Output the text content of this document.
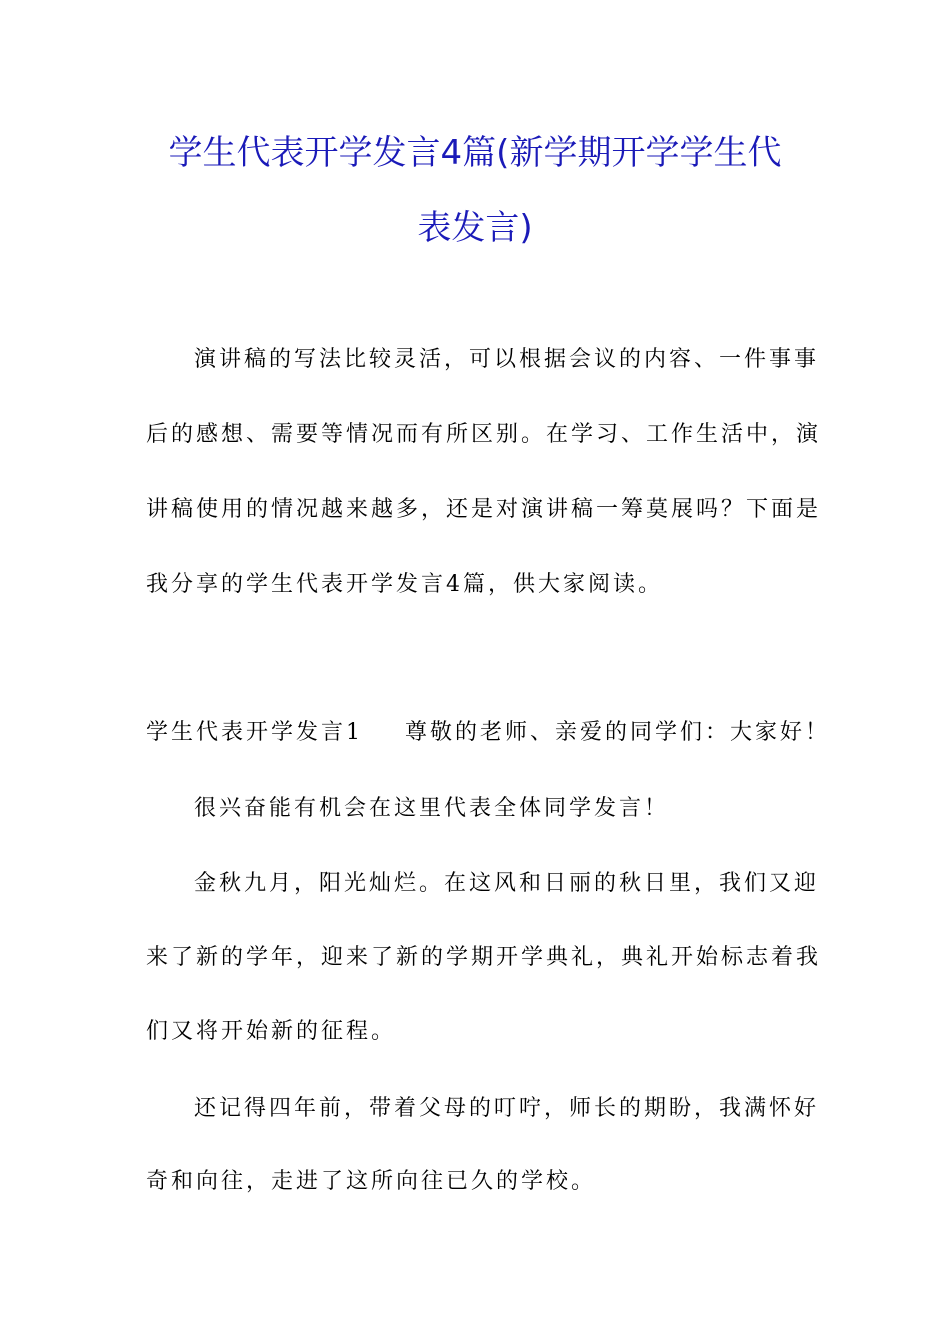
学生代表开学发言4篇(新学期开学学生代
表发言)
演讲稿的写法比较灵活，可以根据会议的内容、一件事事
后的感想、需要等情况而有所区别。在学习、工作生活中，演
讲稿使用的情况越来越多，还是对演讲稿一筹莫展吗？下面是
我分享的学生代表开学发言4篇，供大家阅读。
学生代表开学发言1 尊敬的老师、亲爱的同学们：大家好！
很兴奋能有机会在这里代表全体同学发言！
金秋九月，阳光灿烂。在这风和日丽的秋日里，我们又迎
来了新的学年，迎来了新的学期开学典礼，典礼开始标志着我
们又将开始新的征程。
还记得四年前，带着父母的叮咛，师长的期盼，我满怀好
奇和向往，走进了这所向往已久的学校。
